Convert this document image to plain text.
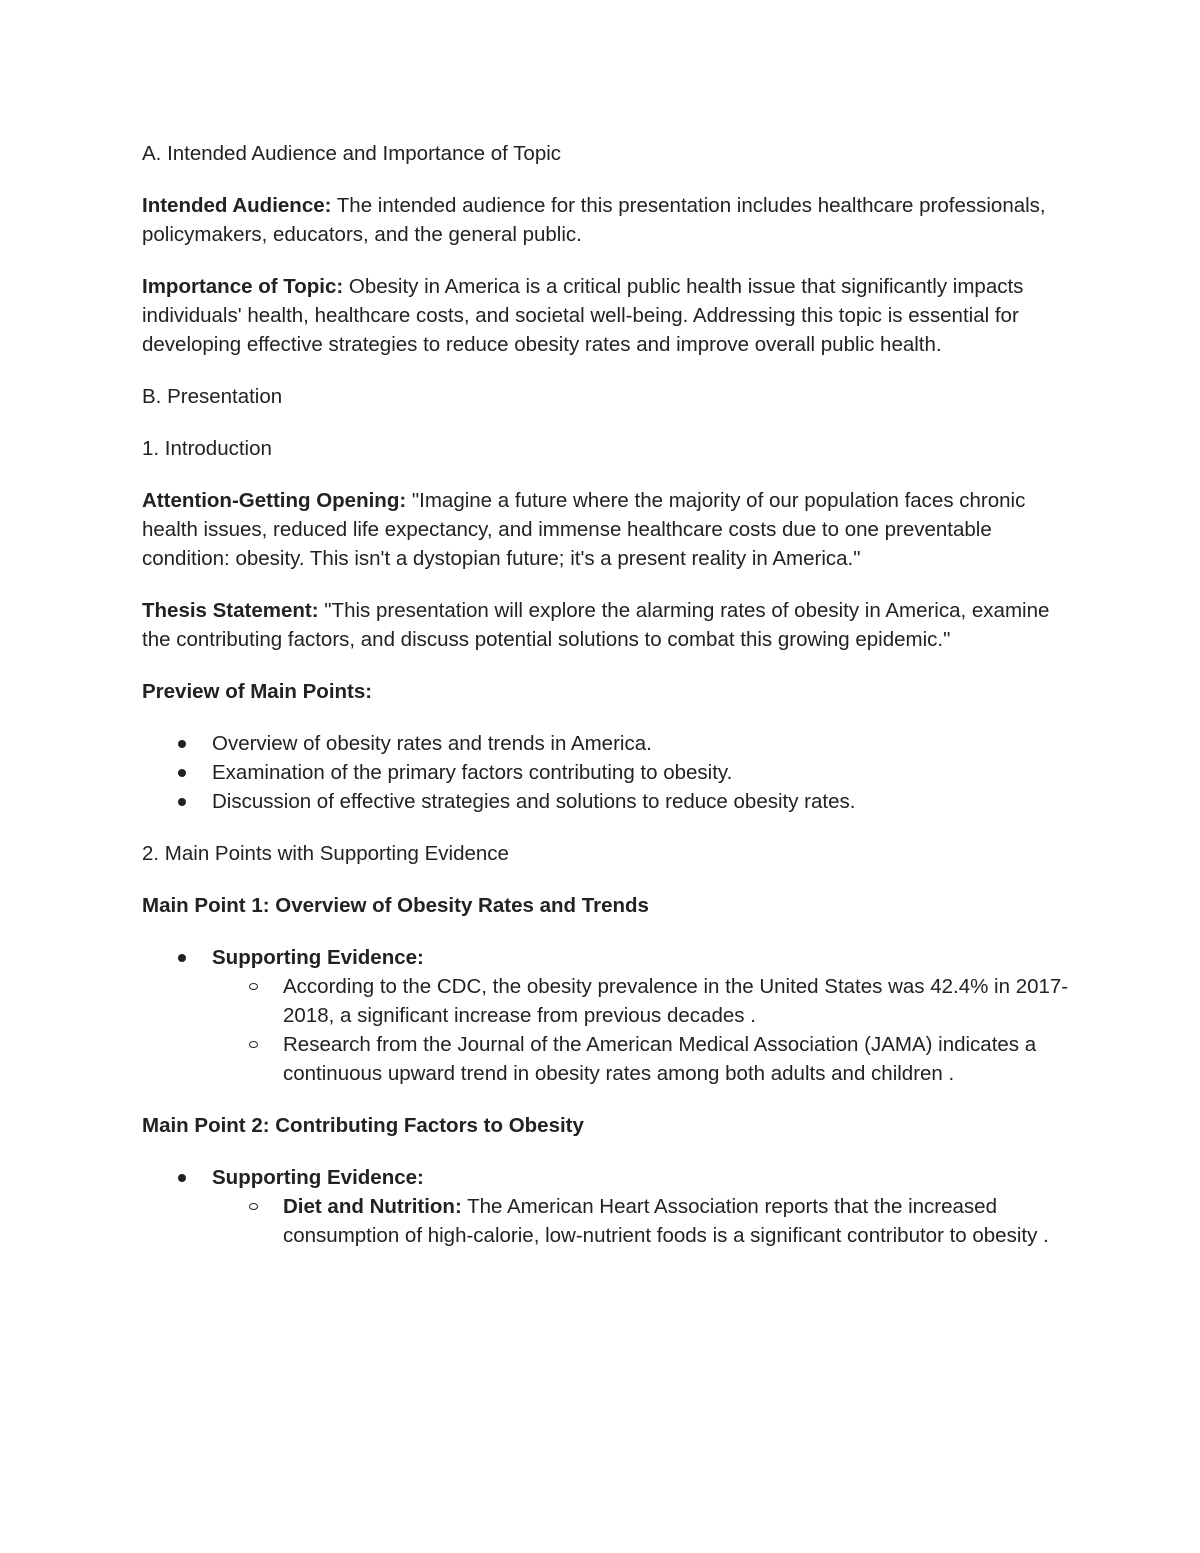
A. Intended Audience and Importance of Topic

Intended Audience: The intended audience for this presentation includes healthcare professionals, policymakers, educators, and the general public.

Importance of Topic: Obesity in America is a critical public health issue that significantly impacts individuals' health, healthcare costs, and societal well-being. Addressing this topic is essential for developing effective strategies to reduce obesity rates and improve overall public health.

B. Presentation

1. Introduction

Attention-Getting Opening: "Imagine a future where the majority of our population faces chronic health issues, reduced life expectancy, and immense healthcare costs due to one preventable condition: obesity. This isn't a dystopian future; it's a present reality in America."

Thesis Statement: "This presentation will explore the alarming rates of obesity in America, examine the contributing factors, and discuss potential solutions to combat this growing epidemic."

Preview of Main Points:

Overview of obesity rates and trends in America.
Examination of the primary factors contributing to obesity.
Discussion of effective strategies and solutions to reduce obesity rates.

2. Main Points with Supporting Evidence

Main Point 1: Overview of Obesity Rates and Trends

Supporting Evidence:
According to the CDC, the obesity prevalence in the United States was 42.4% in 2017-2018, a significant increase from previous decades .
Research from the Journal of the American Medical Association (JAMA) indicates a continuous upward trend in obesity rates among both adults and children .

Main Point 2: Contributing Factors to Obesity

Supporting Evidence:
Diet and Nutrition: The American Heart Association reports that the increased consumption of high-calorie, low-nutrient foods is a significant contributor to obesity .
